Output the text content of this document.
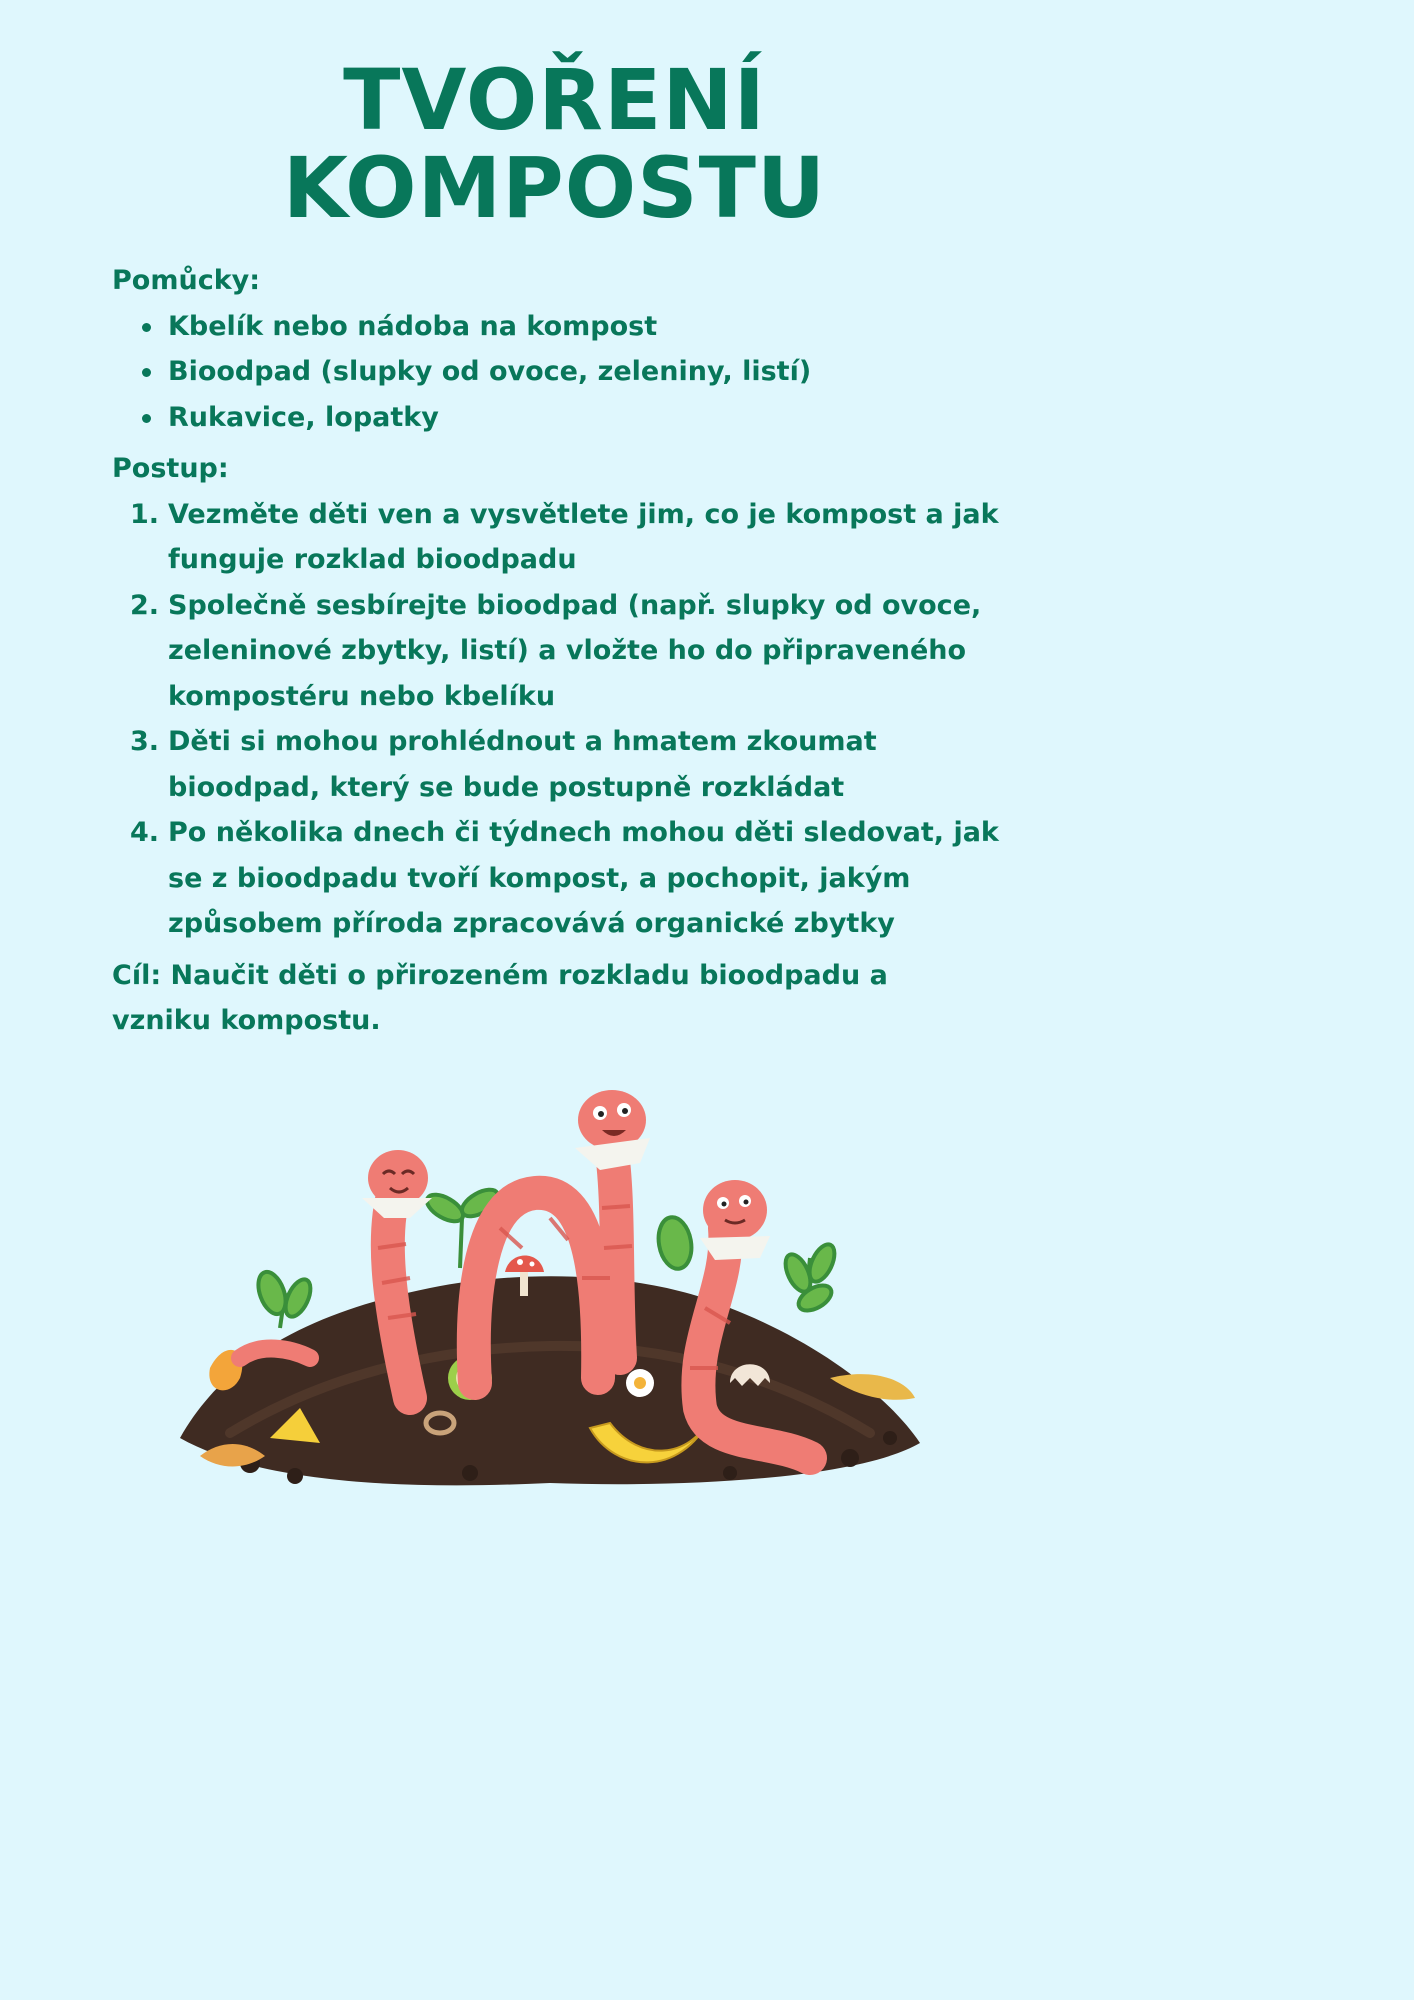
TVOŘENÍ
KOMPOSTU
Pomůcky:
Kbelík nebo nádoba na kompost
Bioodpad (slupky od ovoce, zeleniny, listí)
Rukavice, lopatky
Postup:
1. Vezměte děti ven a vysvětlete jim, co je kompost a jak funguje rozklad bioodpadu
2. Společně sesbírejte bioodpad (např. slupky od ovoce, zeleninové zbytky, listí) a vložte ho do připraveného kompostéru nebo kbelíku
3. Děti si mohou prohlédnout a hmatem zkoumat bioodpad, který se bude postupně rozkládat
4. Po několika dnech či týdnech mohou děti sledovat, jak se z bioodpadu tvoří kompost, a pochopit, jakým způsobem příroda zpracovává organické zbytky
Cíl: Naučit děti o přirozeném rozkladu bioodpadu a vzniku kompostu.
